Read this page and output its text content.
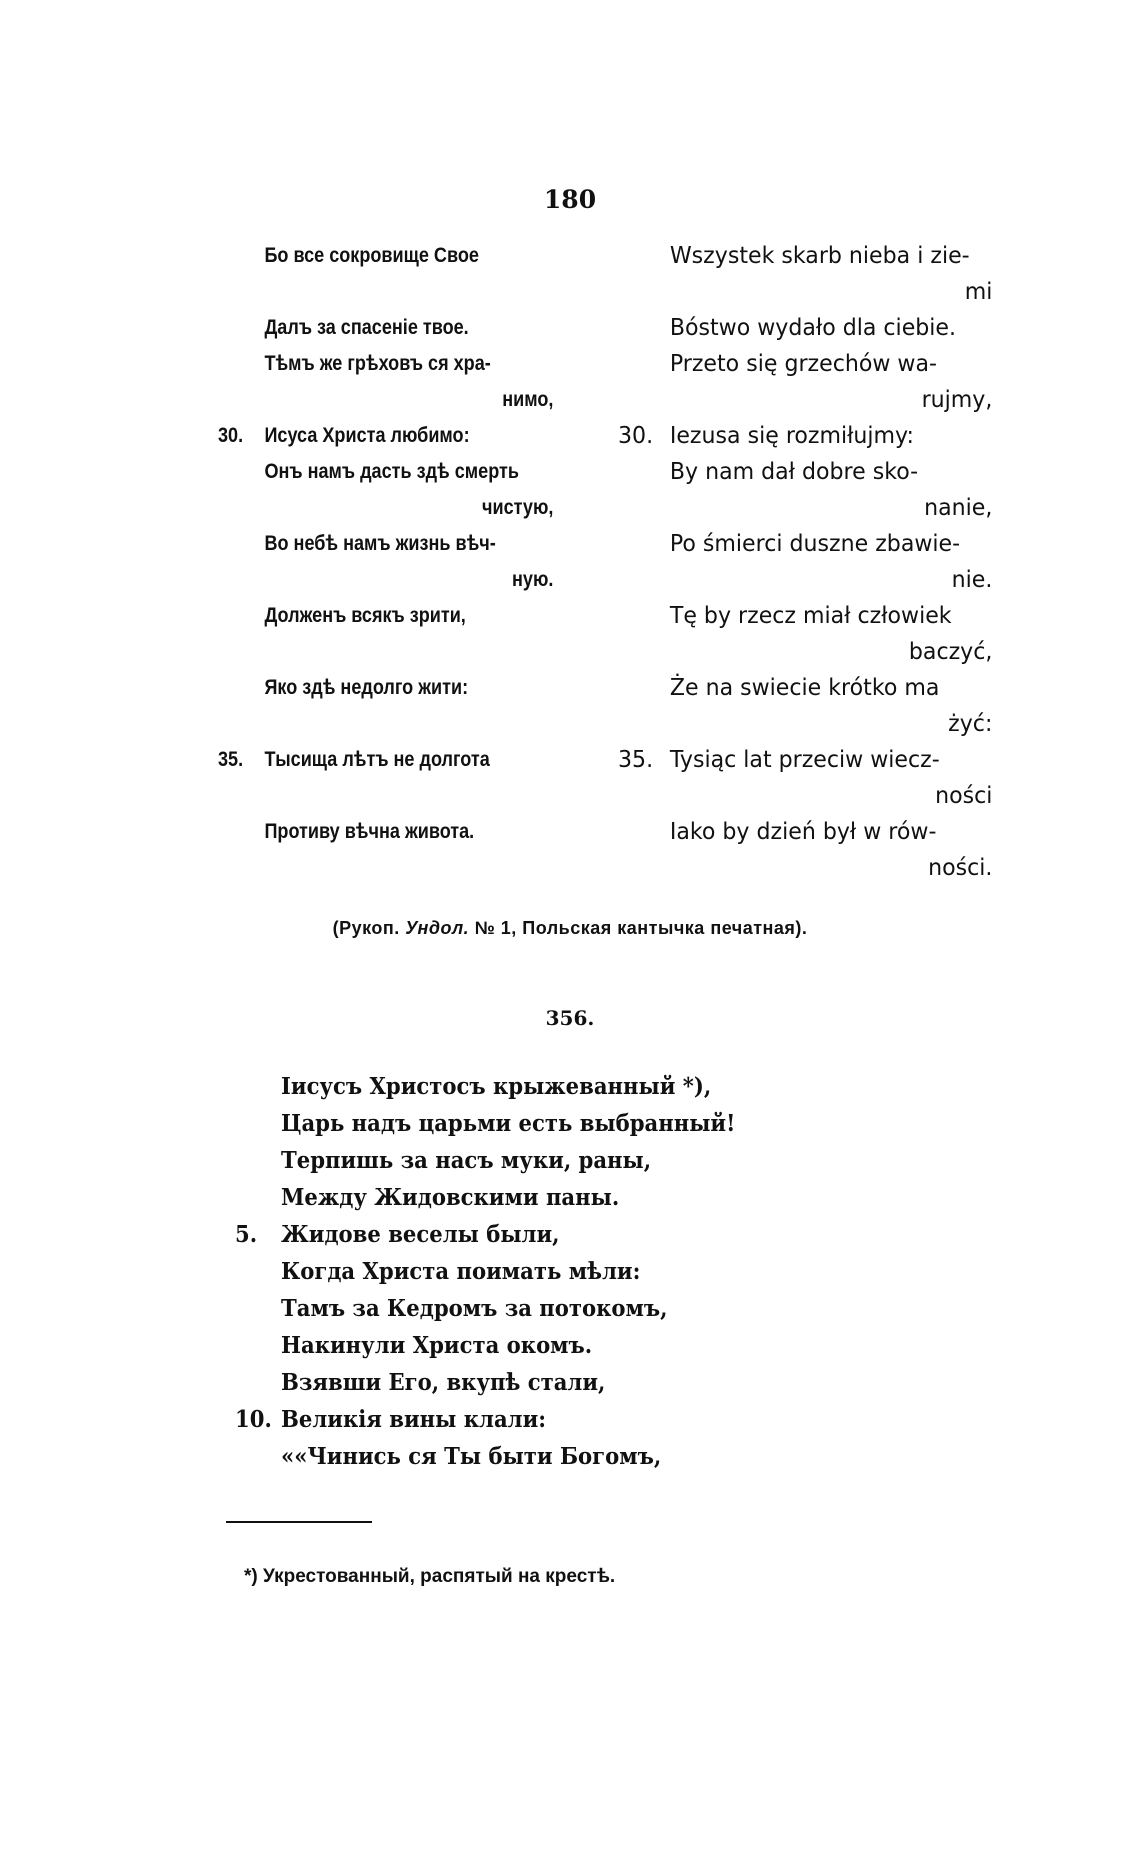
180
Бо все сокровище Свое
Далъ за спасеніе твое.
Тѣмъ же грѣховъ ся хра-
нимо,
30. Исуса Христа любимо:
Онъ намъ дасть здѣ смерть
чистую,
Во небѣ намъ жизнь вѣч-
ную.
Долженъ всякъ зрити,
Яко здѣ недолго жити:
35. Тысища лѣтъ не долгота
Противу вѣчна живота.
Wszystek skarb nieba i zie-
mi
Bóstwo wydało dla ciebie.
Przeto się grzechów wa-
rujmy,
30. Iezusa się rozmiłujmy:
By nam dał dobre sko-
nanie,
Po śmierci duszne zbawie-
nie.
Tę by rzecz miał człowiek
baczyć,
Że na swiecie krótko ma
żyć:
35. Tysiąc lat przeciw wiecz-
ności
Iako by dzień był w rów-
ności.
(Рукоп. Ундол. № 1, Польская кантычка печатная).
356.
Іисусъ Христосъ крыжеванный *),
Царь надъ царьми есть выбранный!
Терпишь за насъ муки, раны,
Между Жидовскими паны.
5. Жидове веселы были,
Когда Христа поимать мѣли:
Тамъ за Кедромъ за потокомъ,
Накинули Христа окомъ.
Взявши Его, вкупѣ стали,
10. Великія вины клали:
««Чинись ся Ты быти Богомъ,
*) Укрестованный, распятый на крестѣ.
